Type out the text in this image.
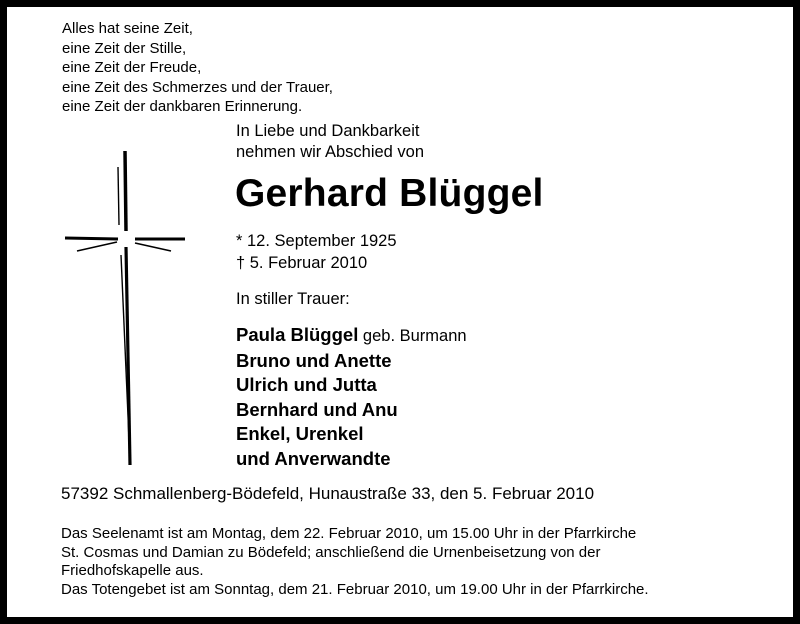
Alles hat seine Zeit,
eine Zeit der Stille,
eine Zeit der Freude,
eine Zeit des Schmerzes und der Trauer,
eine Zeit der dankbaren Erinnerung.
In Liebe und Dankbarkeit
nehmen wir Abschied von
Gerhard Blüggel
* 12. September 1925
† 5. Februar 2010
In stiller Trauer:
Paula Blüggel geb. Burmann
Bruno und Anette
Ulrich und Jutta
Bernhard und Anu
Enkel, Urenkel
und Anverwandte
57392 Schmallenberg-Bödefeld, Hunaustraße 33, den 5. Februar 2010
Das Seelenamt ist am Montag, dem 22. Februar 2010, um 15.00 Uhr in der Pfarrkirche
St. Cosmas und Damian zu Bödefeld; anschließend die Urnenbeisetzung von der
Friedhofskapelle aus.
Das Totengebet ist am Sonntag, dem 21. Februar 2010, um 19.00 Uhr in der Pfarrkirche.
